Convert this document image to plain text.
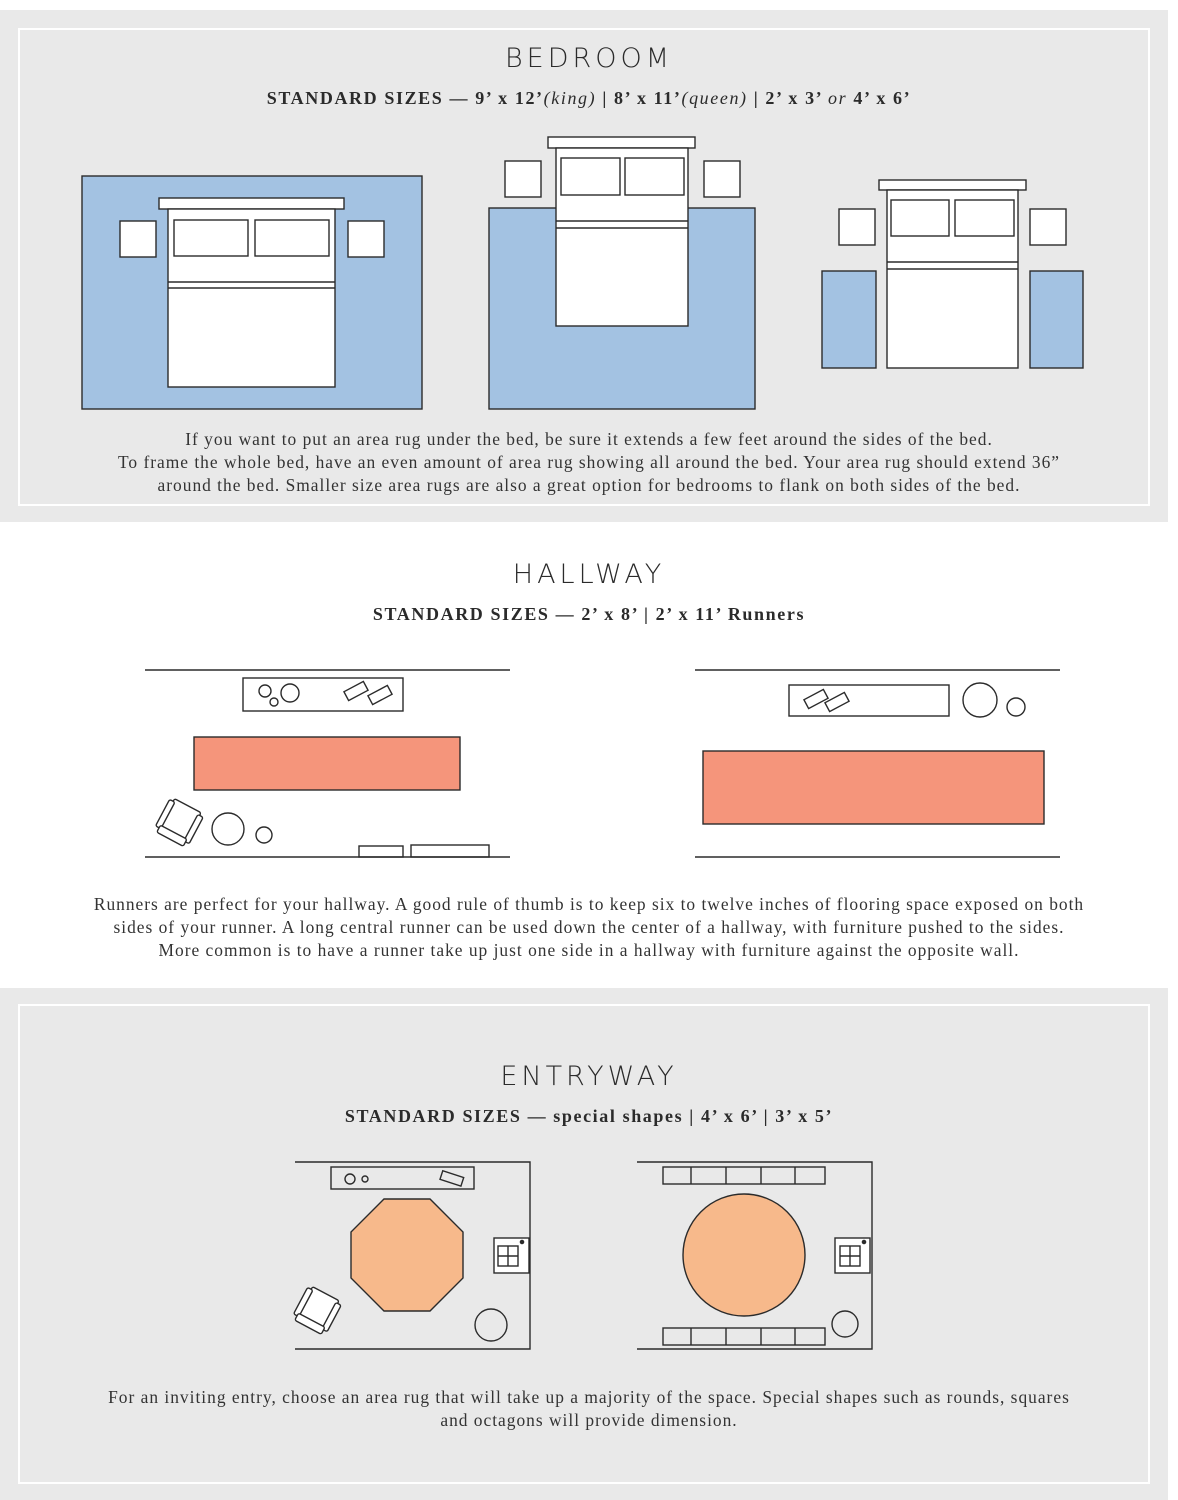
BEDROOM
STANDARD SIZES — 9’ x 12’(king) | 8’ x 11’(queen) | 2’ x 3’ or 4’ x 6’
If you want to put an area rug under the bed, be sure it extends a few feet around the sides of the bed.
To frame the whole bed, have an even amount of area rug showing all around the bed. Your area rug should extend 36”
around the bed. Smaller size area rugs are also a great option for bedrooms to flank on both sides of the bed.
HALLWAY
STANDARD SIZES — 2’ x 8’ | 2’ x 11’ Runners
Runners are perfect for your hallway. A good rule of thumb is to keep six to twelve inches of flooring space exposed on both
sides of your runner. A long central runner can be used down the center of a hallway, with furniture pushed to the sides.
More common is to have a runner take up just one side in a hallway with furniture against the opposite wall.
ENTRYWAY
STANDARD SIZES — special shapes | 4’ x 6’ | 3’ x 5’
For an inviting entry, choose an area rug that will take up a majority of the space. Special shapes such as rounds, squares
and octagons will provide dimension.
